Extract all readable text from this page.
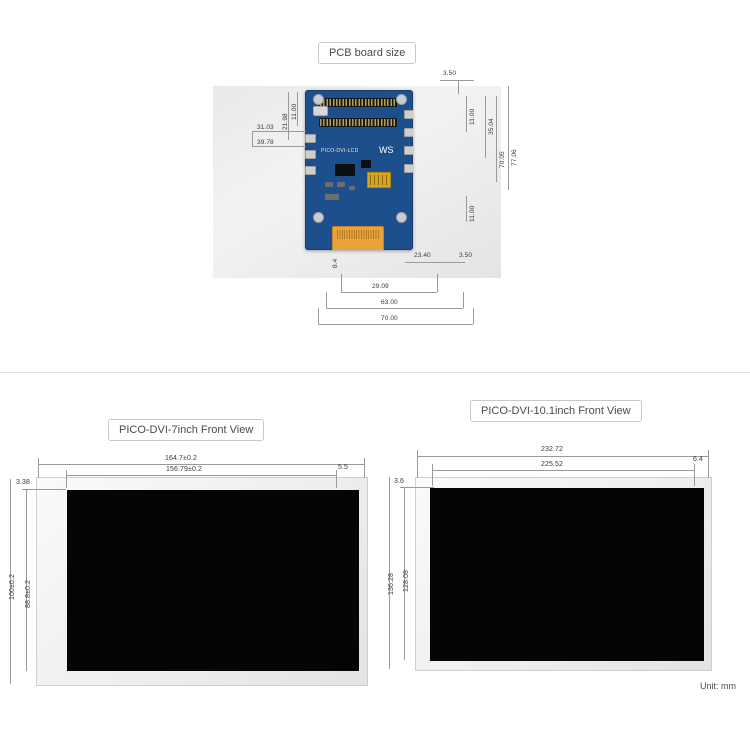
PCB board size
PICO-DVI-LCD WS
11.00
21.98
31.03
39.78
3.50
11.00
35.04
70.05 77.06
11.00
8.4
23.40	3.50
29.09
63.00
70.00
PICO-DVI-7inch Front View
164.7±0.2
156.79±0.2	5.5
3.38
100±0.2 88.8±0.2
PICO-DVI-10.1inch Front View
232.72
225.52
6.4
3.6
136.28 128.08
Unit: mm
